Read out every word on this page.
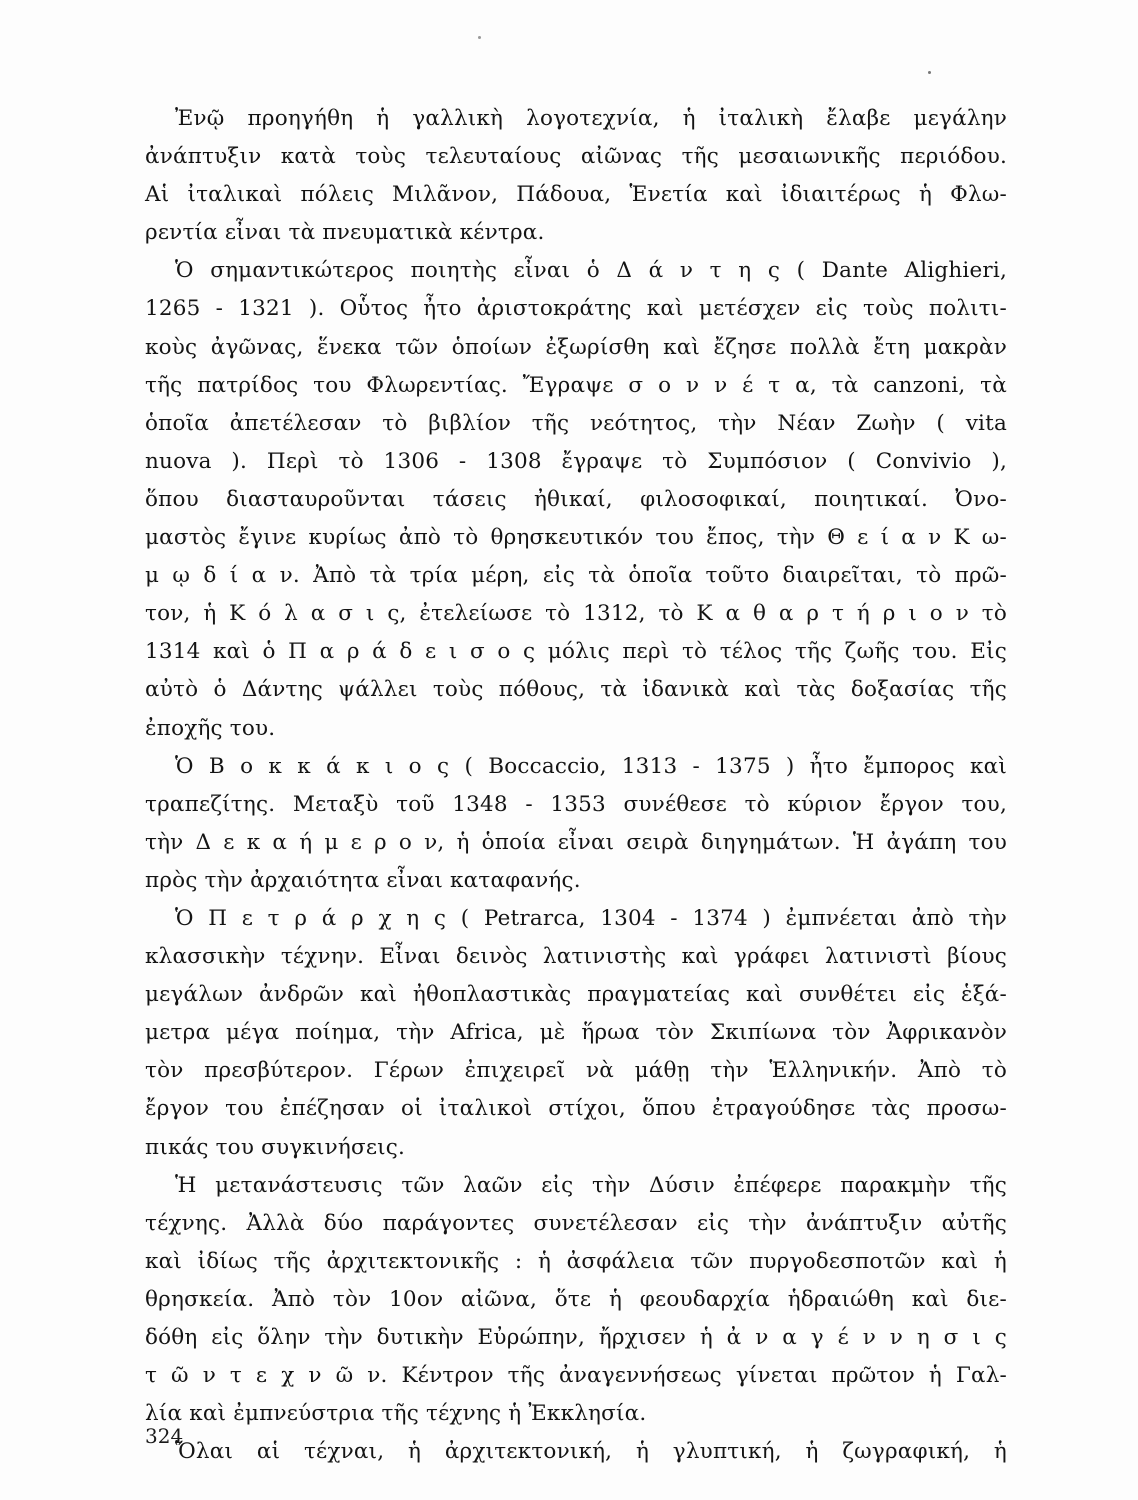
Ἐνῷ προηγήθη ἡ γαλλικὴ λογοτεχνία, ἡ ἰταλικὴ ἔλαβε μεγάλην
ἀνάπτυξιν κατὰ τοὺς τελευταίους αἰῶνας τῆς μεσαιωνικῆς περιόδου.
Αἱ ἰταλικαὶ πόλεις Μιλᾶνον, Πάδουα, Ἑνετία καὶ ἰδιαιτέρως ἡ Φλω-
ρεντία εἶναι τὰ πνευματικὰ κέντρα.
Ὁ σημαντικώτερος ποιητὴς εἶναι ὁ Δ ά ν τ η ς ( Dante Alighieri,
1265 - 1321 ). Οὗτος ἦτο ἀριστοκράτης καὶ μετέσχεν εἰς τοὺς πολιτι-
κοὺς ἀγῶνας, ἕνεκα τῶν ὁποίων ἐξωρίσθη καὶ ἔζησε πολλὰ ἔτη μακρὰν
τῆς πατρίδος του Φλωρεντίας. Ἔγραψε σ ο ν ν έ τ α, τὰ canzoni, τὰ
ὁποῖα ἀπετέλεσαν τὸ βιβλίον τῆς νεότητος, τὴν Νέαν Ζωὴν ( vita
nuova ). Περὶ τὸ 1306 - 1308 ἔγραψε τὸ Συμπόσιον ( Convivio ),
ὅπου διασταυροῦνται τάσεις ἠθικαί, φιλοσοφικαί, ποιητικαί. Ὀνο-
μαστὸς ἔγινε κυρίως ἀπὸ τὸ θρησκευτικόν του ἔπος, τὴν Θ ε ί α ν Κ ω-
μ ῳ δ ί α ν. Ἀπὸ τὰ τρία μέρη, εἰς τὰ ὁποῖα τοῦτο διαιρεῖται, τὸ πρῶ-
τον, ἡ Κ ό λ α σ ι ς, ἐτελείωσε τὸ 1312, τὸ Κ α θ α ρ τ ή ρ ι ο ν τὸ
1314 καὶ ὁ Π α ρ ά δ ε ι σ ο ς μόλις περὶ τὸ τέλος τῆς ζωῆς του. Εἰς
αὐτὸ ὁ Δάντης ψάλλει τοὺς πόθους, τὰ ἰδανικὰ καὶ τὰς δοξασίας τῆς
ἐποχῆς του.
Ὁ Β ο κ κ ά κ ι ο ς ( Boccaccio, 1313 - 1375 ) ἦτο ἔμπορος καὶ
τραπεζίτης. Μεταξὺ τοῦ 1348 - 1353 συνέθεσε τὸ κύριον ἔργον του,
τὴν Δ ε κ α ή μ ε ρ ο ν, ἡ ὁποία εἶναι σειρὰ διηγημάτων. Ἡ ἀγάπη του
πρὸς τὴν ἀρχαιότητα εἶναι καταφανής.
Ὁ Π ε τ ρ ά ρ χ η ς ( Petrarca, 1304 - 1374 ) ἐμπνέεται ἀπὸ τὴν
κλασσικὴν τέχνην. Εἶναι δεινὸς λατινιστὴς καὶ γράφει λατινιστὶ βίους
μεγάλων ἀνδρῶν καὶ ἠθοπλαστικὰς πραγματείας καὶ συνθέτει εἰς ἑξά-
μετρα μέγα ποίημα, τὴν Africa, μὲ ἥρωα τὸν Σκιπίωνα τὸν Ἀφρικανὸν
τὸν πρεσβύτερον. Γέρων ἐπιχειρεῖ νὰ μάθῃ τὴν Ἑλληνικήν. Ἀπὸ τὸ
ἔργον του ἐπέζησαν οἱ ἰταλικοὶ στίχοι, ὅπου ἐτραγούδησε τὰς προσω-
πικάς του συγκινήσεις.
Ἡ μετανάστευσις τῶν λαῶν εἰς τὴν Δύσιν ἐπέφερε παρακμὴν τῆς
τέχνης. Ἀλλὰ δύο παράγοντες συνετέλεσαν εἰς τὴν ἀνάπτυξιν αὐτῆς
καὶ ἰδίως τῆς ἀρχιτεκτονικῆς : ἡ ἀσφάλεια τῶν πυργοδεσποτῶν καὶ ἡ
θρησκεία. Ἀπὸ τὸν 10ον αἰῶνα, ὅτε ἡ φεουδαρχία ἡδραιώθη καὶ διε-
δόθη εἰς ὅλην τὴν δυτικὴν Εὐρώπην, ἤρχισεν ἡ ἀ ν α γ έ ν ν η σ ι ς
τ ῶ ν τ ε χ ν ῶ ν. Κέντρον τῆς ἀναγεννήσεως γίνεται πρῶτον ἡ Γαλ-
λία καὶ ἐμπνεύστρια τῆς τέχνης ἡ Ἐκκλησία.
Ὅλαι αἱ τέχναι, ἡ ἀρχιτεκτονική, ἡ γλυπτική, ἡ ζωγραφική, ἡ
324
